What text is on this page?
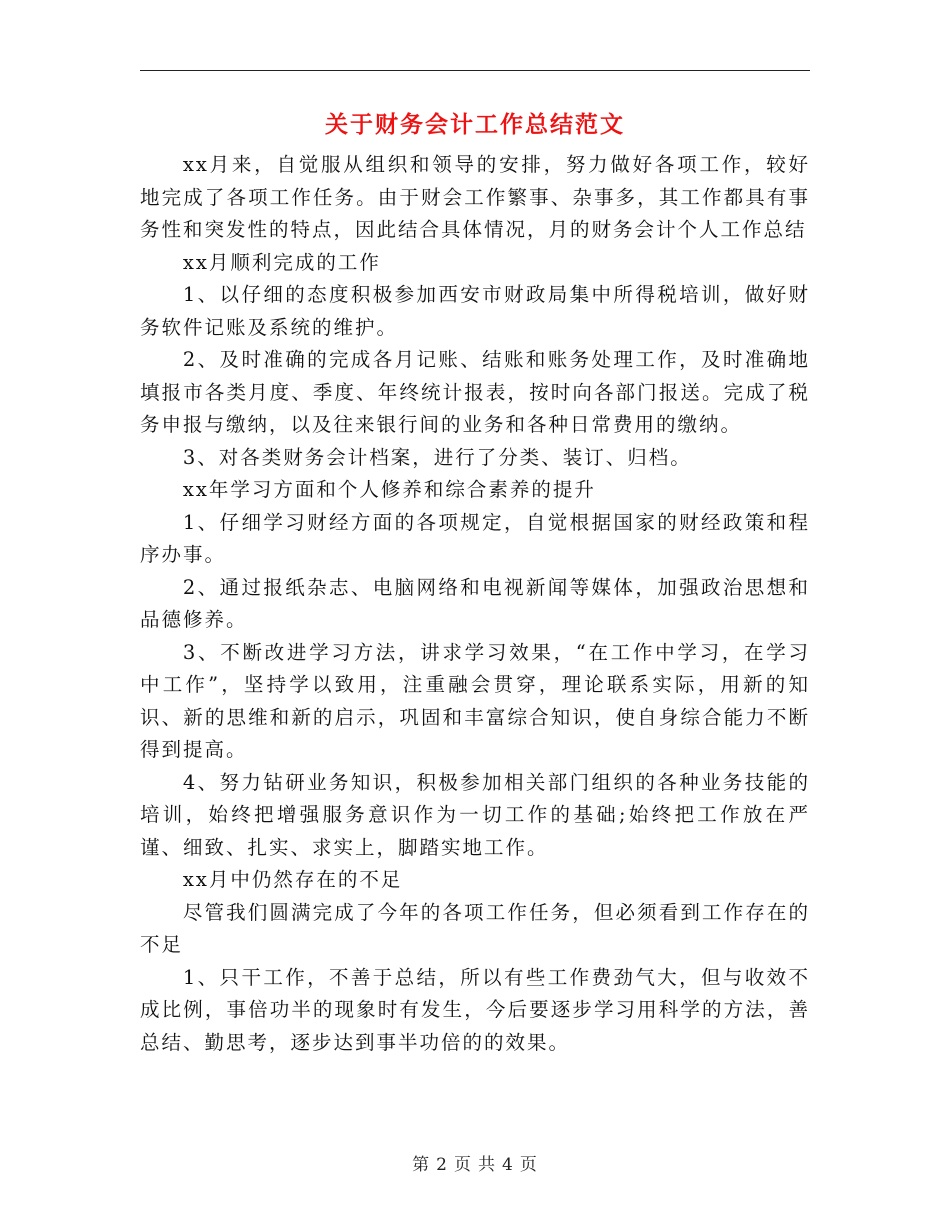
关于财务会计工作总结范文

xx月来，自觉服从组织和领导的安排，努力做好各项工作，较好地完成了各项工作任务。由于财会工作繁事、杂事多，其工作都具有事务性和突发性的特点，因此结合具体情况，月的财务会计个人工作总结

xx月顺利完成的工作

1、以仔细的态度积极参加西安市财政局集中所得税培训，做好财务软件记账及系统的维护。

2、及时准确的完成各月记账、结账和账务处理工作，及时准确地填报市各类月度、季度、年终统计报表，按时向各部门报送。完成了税务申报与缴纳，以及往来银行间的业务和各种日常费用的缴纳。

3、对各类财务会计档案，进行了分类、装订、归档。

xx年学习方面和个人修养和综合素养的提升

1、仔细学习财经方面的各项规定，自觉根据国家的财经政策和程序办事。

2、通过报纸杂志、电脑网络和电视新闻等媒体，加强政治思想和品德修养。

3、不断改进学习方法，讲求学习效果，“在工作中学习，在学习中工作”，坚持学以致用，注重融会贯穿，理论联系实际，用新的知识、新的思维和新的启示，巩固和丰富综合知识，使自身综合能力不断得到提高。

4、努力钻研业务知识，积极参加相关部门组织的各种业务技能的培训，始终把增强服务意识作为一切工作的基础;始终把工作放在严谨、细致、扎实、求实上，脚踏实地工作。

xx月中仍然存在的不足

尽管我们圆满完成了今年的各项工作任务，但必须看到工作存在的不足

1、只干工作，不善于总结，所以有些工作费劲气大，但与收效不成比例，事倍功半的现象时有发生，今后要逐步学习用科学的方法，善总结、勤思考，逐步达到事半功倍的的效果。

第 2 页 共 4 页
